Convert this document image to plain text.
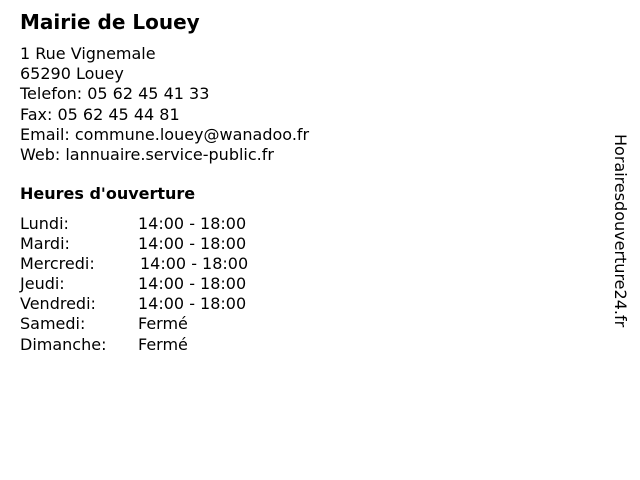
Mairie de Louey
1 Rue Vignemale
65290 Louey
Telefon: 05 62 45 41 33
Fax: 05 62 45 44 81
Email: commune.louey@wanadoo.fr
Web: lannuaire.service-public.fr
Heures d'ouverture
Lundi:	14:00 - 18:00
Mardi:	14:00 - 18:00
Mercredi:	14:00 - 18:00
Jeudi:	14:00 - 18:00
Vendredi:	14:00 - 18:00
Samedi:	Fermé
Dimanche: Fermé
Horairesdouverture24.fr
